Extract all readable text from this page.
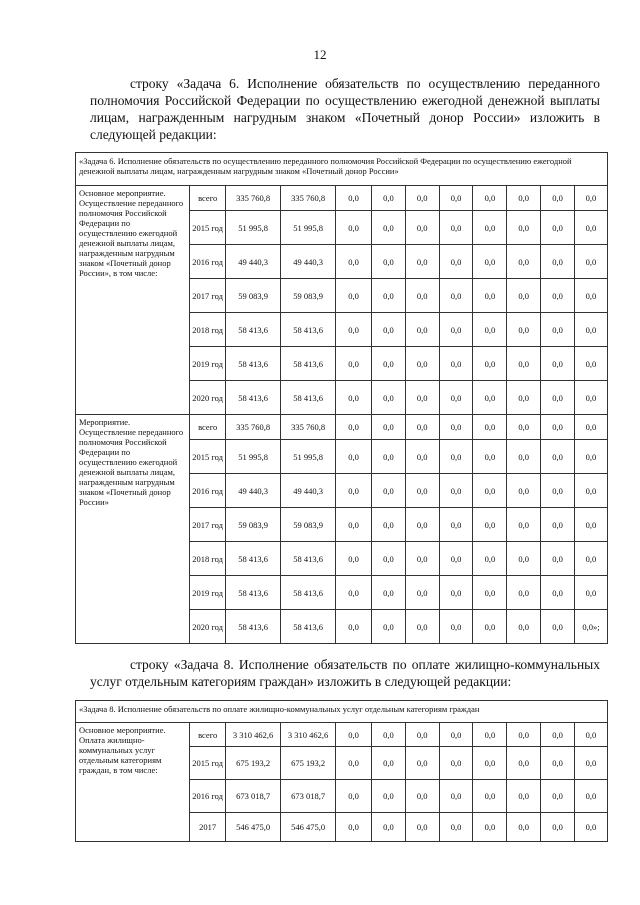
12
строку «Задача 6. Исполнение обязательств по осуществлению переданного полномочия Российской Федерации по осуществлению ежегодной денежной выплаты лицам, награжденным нагрудным знаком «Почетный донор России» изложить в следующей редакции:
«Задача 6. Исполнение обязательств по осуществлению переданного полномочия Российской Федерации по осуществлению ежегодной денежной выплаты лицам, награжденным нагрудным знаком «Почетный донор России»											
Основное мероприятие. Осуществление переданного полномочия Российской Федерации по осуществлению ежегодной денежной выплаты лицам, награжденным нагрудным знаком «Почетный донор России», в том числе:	всего	335 760,8	335 760,8	0,0	0,0	0,0	0,0	0,0	0,0	0,0	0,0
	2015 год	51 995,8	51 995,8	0,0	0,0	0,0	0,0	0,0	0,0	0,0	0,0
	2016 год	49 440,3	49 440,3	0,0	0,0	0,0	0,0	0,0	0,0	0,0	0,0
	2017 год	59 083,9	59 083,9	0,0	0,0	0,0	0,0	0,0	0,0	0,0	0,0
	2018 год	58 413,6	58 413,6	0,0	0,0	0,0	0,0	0,0	0,0	0,0	0,0
	2019 год	58 413,6	58 413,6	0,0	0,0	0,0	0,0	0,0	0,0	0,0	0,0
	2020 год	58 413,6	58 413,6	0,0	0,0	0,0	0,0	0,0	0,0	0,0	0,0
Мероприятие. Осуществление переданного полномочия Российской Федерации по осуществлению ежегодной денежной выплаты лицам, награжденным нагрудным знаком «Почетный донор России»	всего	335 760,8	335 760,8	0,0	0,0	0,0	0,0	0,0	0,0	0,0	0,0
	2015 год	51 995,8	51 995,8	0,0	0,0	0,0	0,0	0,0	0,0	0,0	0,0
	2016 год	49 440,3	49 440,3	0,0	0,0	0,0	0,0	0,0	0,0	0,0	0,0
	2017 год	59 083,9	59 083,9	0,0	0,0	0,0	0,0	0,0	0,0	0,0	0,0
	2018 год	58 413,6	58 413,6	0,0	0,0	0,0	0,0	0,0	0,0	0,0	0,0
	2019 год	58 413,6	58 413,6	0,0	0,0	0,0	0,0	0,0	0,0	0,0	0,0
	2020 год	58 413,6	58 413,6	0,0	0,0	0,0	0,0	0,0	0,0	0,0	0,0»;
строку «Задача 8. Исполнение обязательств по оплате жилищно-коммунальных услуг отдельным категориям граждан» изложить в следующей редакции:
«Задача 8. Исполнение обязательств по оплате жилищно-коммунальных услуг отдельным категориям граждан											
Основное мероприятие. Оплата жилищно-коммунальных услуг отдельным категориям граждан, в том числе:	всего	3 310 462,6	3 310 462,6	0,0	0,0	0,0	0,0	0,0	0,0	0,0	0,0
	2015 год	675 193,2	675 193,2	0,0	0,0	0,0	0,0	0,0	0,0	0,0	0,0
	2016 год	673 018,7	673 018,7	0,0	0,0	0,0	0,0	0,0	0,0	0,0	0,0
	2017	546 475,0	546 475,0	0,0	0,0	0,0	0,0	0,0	0,0	0,0	0,0
